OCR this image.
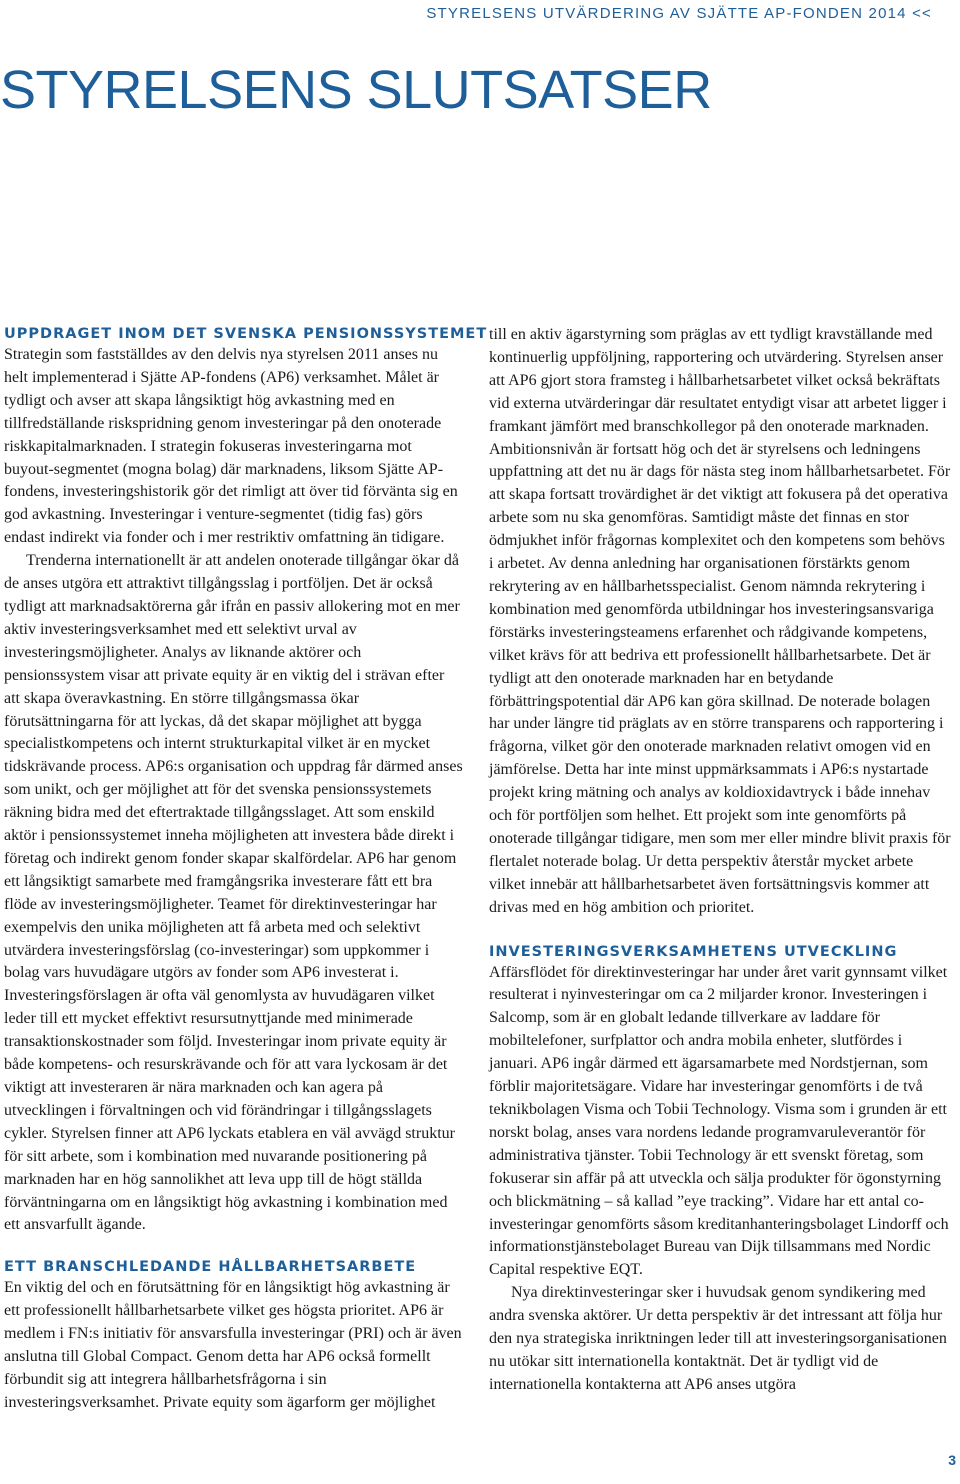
STYRELSENS UTVÄRDERING AV SJÄTTE AP-FONDEN 2014 <<
STYRELSENS SLUTSATSER
UPPDRAGET INOM DET SVENSKA PENSIONSSYSTEMET

Strategin som fastställdes av den delvis nya styrelsen 2011 anses nu helt implementerad i Sjätte AP-fondens (AP6) verksamhet. Målet är tydligt och avser att skapa långsiktigt hög avkastning med en tillfredställande riskspridning genom investeringar på den onoterade riskkapitalmarknaden. I strategin fokuseras investeringarna mot buyout-segmentet (mogna bolag) där marknadens, liksom Sjätte AP-fondens, investeringshistorik gör det rimligt att över tid förvänta sig en god avkastning. Investeringar i venture-segmentet (tidig fas) görs endast indirekt via fonder och i mer restriktiv omfattning än tidigare.

Trenderna internationellt är att andelen onoterade tillgångar ökar då de anses utgöra ett attraktivt tillgångsslag i portföljen. Det är också tydligt att marknadsaktörerna går ifrån en passiv allokering mot en mer aktiv investeringsverksamhet med ett selektivt urval av investeringsmöjligheter. Analys av liknande aktörer och pensionssystem visar att private equity är en viktig del i strävan efter att skapa överavkastning. En större tillgångsmassa ökar förutsättningarna för att lyckas, då det skapar möjlighet att bygga specialistkompetens och internt strukturkapital vilket är en mycket tidskrävande process. AP6:s organisation och uppdrag får därmed anses som unikt, och ger möjlighet att för det svenska pensionssystemets räkning bidra med det eftertraktade tillgångsslaget. Att som enskild aktör i pensionssystemet inneha möjligheten att investera både direkt i företag och indirekt genom fonder skapar skalfördelar. AP6 har genom ett långsiktigt samarbete med framgångsrika investerare fått ett bra flöde av investeringsmöjligheter. Teamet för direktinvesteringar har exempelvis den unika möjligheten att få arbeta med och selektivt utvärdera investeringsförslag (co-investeringar) som uppkommer i bolag vars huvudägare utgörs av fonder som AP6 investerat i. Investeringsförslagen är ofta väl genomlysta av huvudägaren vilket leder till ett mycket effektivt resursutnyttjande med minimerade transaktionskostnader som följd. Investeringar inom private equity är både kompetens- och resurskrävande och för att vara lyckosam är det viktigt att investeraren är nära marknaden och kan agera på utvecklingen i förvaltningen och vid förändringar i tillgångsslagets cykler. Styrelsen finner att AP6 lyckats etablera en väl avvägd struktur för sitt arbete, som i kombination med nuvarande positionering på marknaden har en hög sannolikhet att leva upp till de högt ställda förväntningarna om en långsiktigt hög avkastning i kombination med ett ansvarfullt ägande.

ETT BRANSCHLEDANDE HÅLLBARHETSARBETE

En viktig del och en förutsättning för en långsiktigt hög avkastning är ett professionellt hållbarhetsarbete vilket ges högsta prioritet. AP6 är medlem i FN:s initiativ för ansvarsfulla investeringar (PRI) och är även anslutna till Global Compact. Genom detta har AP6 också formellt förbundit sig att integrera hållbarhetsfrågorna i sin investeringsverksamhet. Private equity som ägarform ger möjlighet

till en aktiv ägarstyrning som präglas av ett tydligt kravställande med kontinuerlig uppföljning, rapportering och utvärdering. Styrelsen anser att AP6 gjort stora framsteg i hållbarhetsarbetet vilket också bekräftats vid externa utvärderingar där resultatet entydigt visar att arbetet ligger i framkant jämfört med branschkollegor på den onoterade marknaden. Ambitionsnivån är fortsatt hög och det är styrelsens och ledningens uppfattning att det nu är dags för nästa steg inom hållbarhetsarbetet. För att skapa fortsatt trovärdighet är det viktigt att fokusera på det operativa arbete som nu ska genomföras. Samtidigt måste det finnas en stor ödmjukhet inför frågornas komplexitet och den kompetens som behövs i arbetet. Av denna anledning har organisationen förstärkts genom rekrytering av en hållbarhetsspecialist. Genom nämnda rekrytering i kombination med genomförda utbildningar hos investeringsansvariga förstärks investeringsteamens erfarenhet och rådgivande kompetens, vilket krävs för att bedriva ett professionellt hållbarhetsarbete. Det är tydligt att den onoterade marknaden har en betydande förbättringspotential där AP6 kan göra skillnad. De noterade bolagen har under längre tid präglats av en större transparens och rapportering i frågorna, vilket gör den onoterade marknaden relativt omogen vid en jämförelse. Detta har inte minst uppmärksammats i AP6:s nystartade projekt kring mätning och analys av koldioxidavtryck i både innehav och för portföljen som helhet. Ett projekt som inte genomförts på onoterade tillgångar tidigare, men som mer eller mindre blivit praxis för flertalet noterade bolag. Ur detta perspektiv återstår mycket arbete vilket innebär att hållbarhetsarbetet även fortsättningsvis kommer att drivas med en hög ambition och prioritet.

INVESTERINGSVERKSAMHETENS UTVECKLING

Affärsflödet för direktinvesteringar har under året varit gynnsamt vilket resulterat i nyinvesteringar om ca 2 miljarder kronor. Investeringen i Salcomp, som är en globalt ledande tillverkare av laddare för mobiltelefoner, surfplattor och andra mobila enheter, slutfördes i januari. AP6 ingår därmed ett ägarsamarbete med Nordstjernan, som förblir majoritetsägare. Vidare har investeringar genomförts i de två teknikbolagen Visma och Tobii Technology. Visma som i grunden är ett norskt bolag, anses vara nordens ledande programvaruleverantör för administrativa tjänster. Tobii Technology är ett svenskt företag, som fokuserar sin affär på att utveckla och sälja produkter för ögonstyrning och blickmätning – så kallad ”eye tracking”. Vidare har ett antal co-investeringar genomförts såsom kreditanhanteringsbolaget Lindorff och informationstjänstebolaget Bureau van Dijk tillsammans med Nordic Capital respektive EQT.

Nya direktinvesteringar sker i huvudsak genom syndikering med andra svenska aktörer. Ur detta perspektiv är det intressant att följa hur den nya strategiska inriktningen leder till att investeringsorganisationen nu utökar sitt internationella kontaktnät. Det är tydligt vid de internationella kontakterna att AP6 anses utgöra

3
